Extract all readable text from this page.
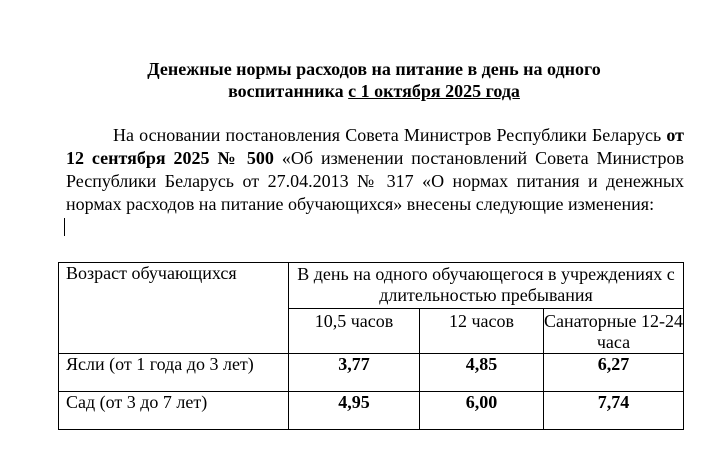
Денежные нормы расходов на питание в день на одного
воспитанника с 1 октября 2025 года
На основании постановления Совета Министров Республики Беларусь от 12 сентября 2025 № 500 «Об изменении постановлений Совета Министров Республики Беларусь от 27.04.2013 № 317 «О нормах питания и денежных нормах расходов на питание обучающихся» внесены следующие изменения:
Возраст обучающихся	В день на одного обучающегося в учреждениях с длительностью пребывания		
	10,5 часов	12 часов	Санаторные 12-24 часа
Ясли (от 1 года до 3 лет)	3,77	4,85	6,27
Сад (от 3 до 7 лет)	4,95	6,00	7,74
